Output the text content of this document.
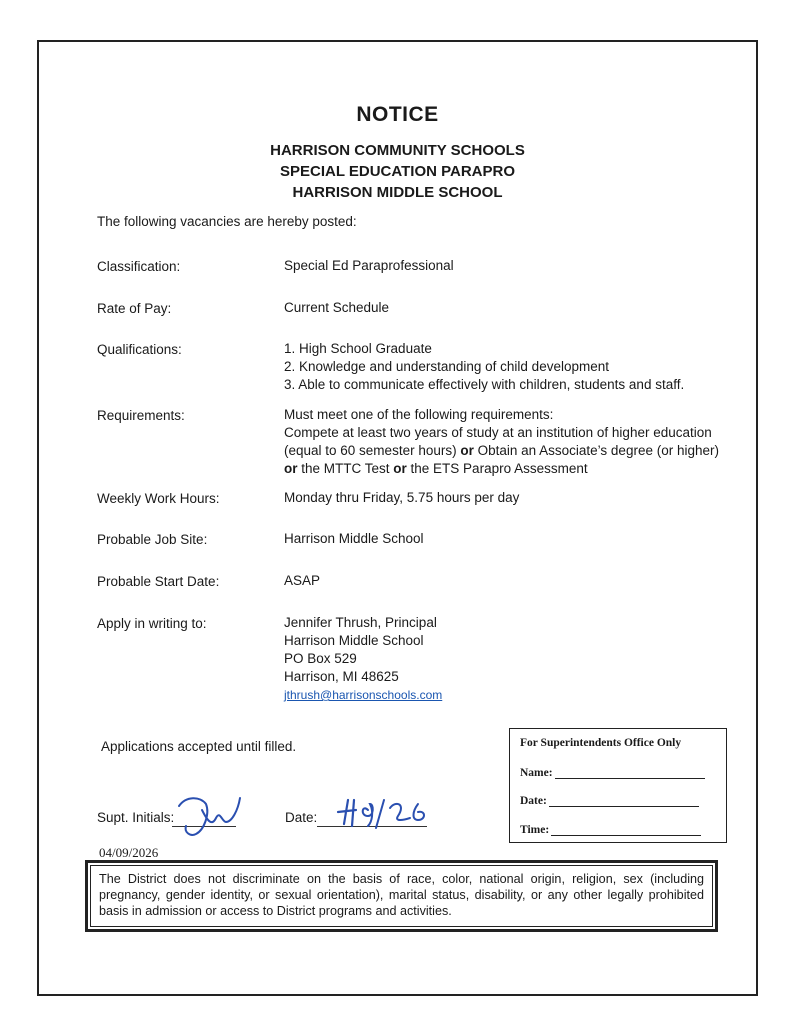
NOTICE
HARRISON COMMUNITY SCHOOLS
SPECIAL EDUCATION PARAPRO
HARRISON MIDDLE SCHOOL
The following vacancies are hereby posted:
Classification:	Special Ed Paraprofessional
Rate of Pay:	Current Schedule
Qualifications:	1. High School Graduate
2. Knowledge and understanding of child development
3. Able to communicate effectively with children, students and staff.
Requirements:	Must meet one of the following requirements:
Compete at least two years of study at an institution of higher education
(equal to 60 semester hours) or Obtain an Associate’s degree (or higher)
or the MTTC Test or the ETS Parapro Assessment
Weekly Work Hours:	Monday thru Friday, 5.75 hours per day
Probable Job Site:	Harrison Middle School
Probable Start Date:	ASAP
Apply in writing to:	Jennifer Thrush, Principal
Harrison Middle School
PO Box 529
Harrison, MI 48625
jthrush@harrisonschools.com
Applications accepted until filled.	For Superintendents Office Only
Name:
Date:
Time:
Supt. Initials:	Date:
04/09/2026
The District does not discriminate on the basis of race, color, national origin, religion, sex (including pregnancy, gender identity, or sexual orientation), marital status, disability, or any other legally prohibited basis in admission or access to District programs and activities.
